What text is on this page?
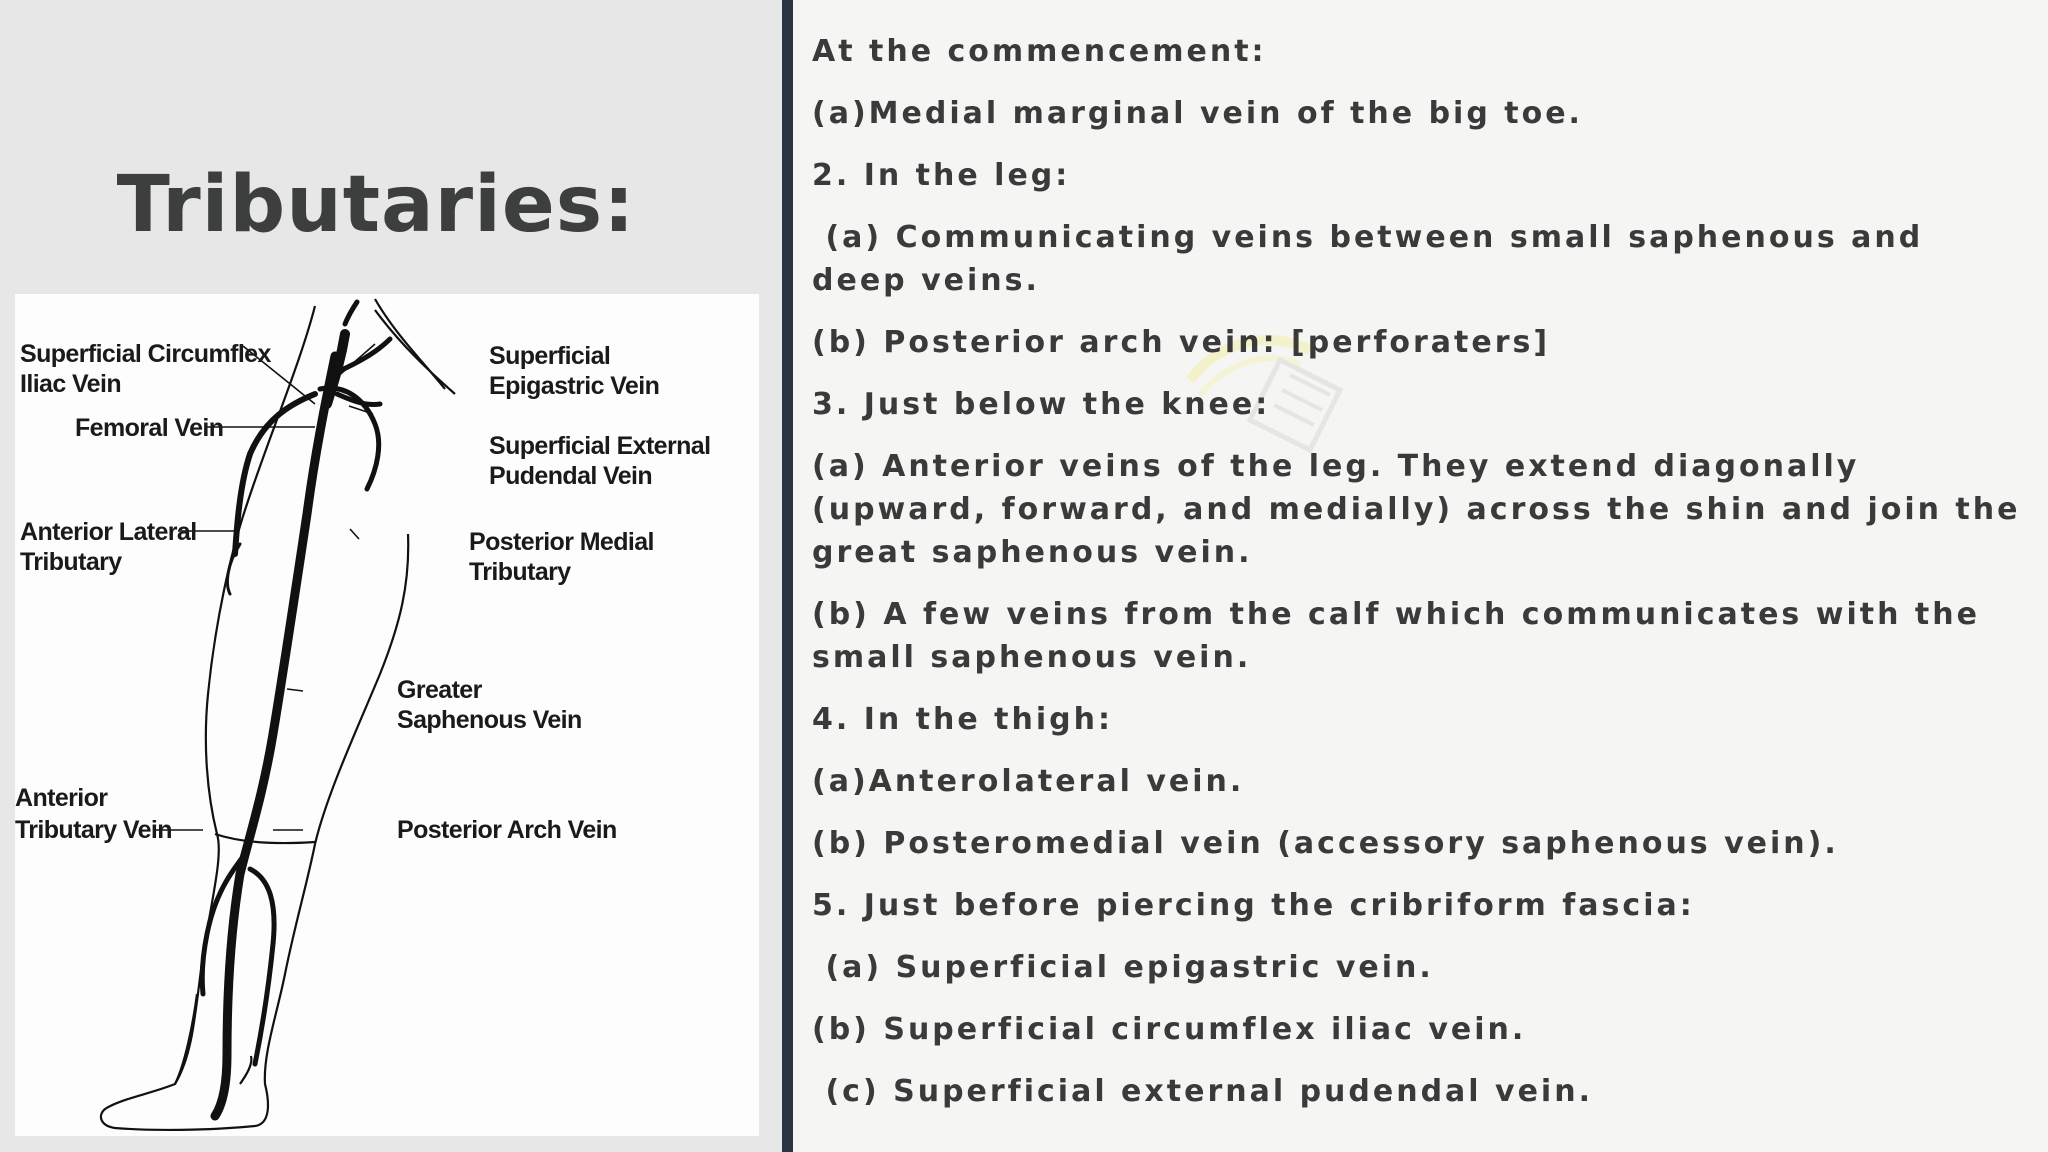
Tributaries:
Superficial Circumflex
Iliac Vein
Femoral Vein
Anterior Lateral
Tributary
Anterior
Tributary Vein
Superficial
Epigastric Vein
Superficial External
Pudendal Vein
Posterior Medial
Tributary
Greater
Saphenous Vein
Posterior Arch Vein

At the commencement:

(a)Medial marginal vein of the big toe.

2. In the leg:

(a) Communicating veins between small saphenous and deep veins.

(b) Posterior arch vein: [perforaters]

3. Just below the knee:

(a) Anterior veins of the leg. They extend diagonally (upward, forward, and medially) across the shin and join the great saphenous vein.

(b) A few veins from the calf which communicates with the small saphenous vein.

4. In the thigh:

(a)Anterolateral vein.

(b) Posteromedial vein (accessory saphenous vein).

5. Just before piercing the cribriform fascia:

(a) Superficial epigastric vein.

(b) Superficial circumflex iliac vein.

(c) Superficial external pudendal vein.
